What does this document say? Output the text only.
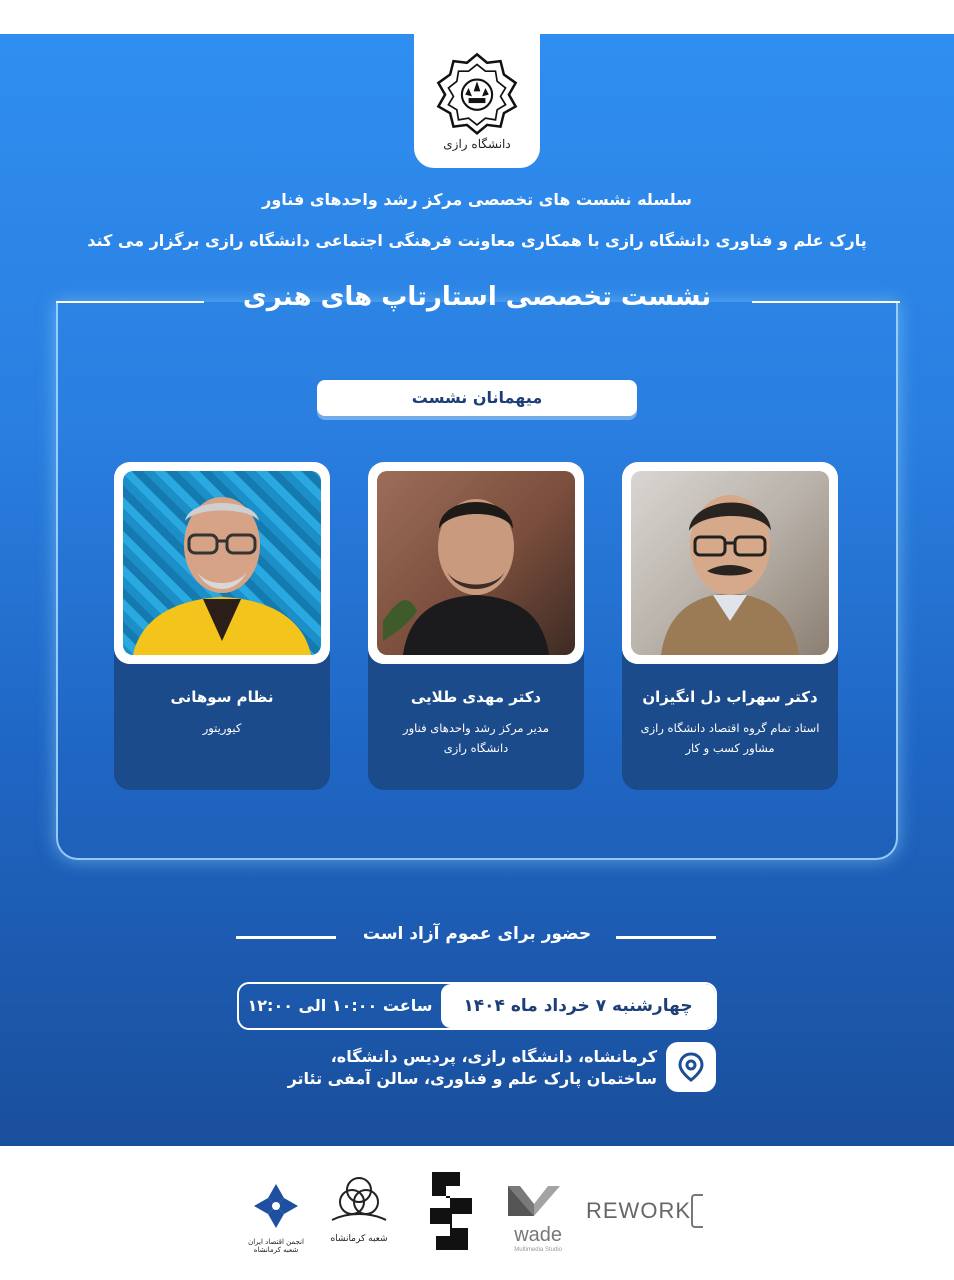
دانشگاه رازی
سلسله نشست های تخصصی مرکز رشد واحدهای فناور
پارک علم و فناوری دانشگاه رازی با همکاری معاونت فرهنگی اجتماعی دانشگاه رازی برگزار می کند
نشست تخصصی استارتاپ های هنری
میهمانان نشست
دکتر سهراب دل انگیزان
استاد تمام گروه اقتصاد دانشگاه رازی
مشاور کسب و کار
دکتر مهدی طلایی
مدیر مرکز رشد واحدهای فناور
دانشگاه رازی
نظام سوهانی
کیوریتور
حضور برای عموم آزاد است
چهارشنبه ۷ خرداد ماه ۱۴۰۴
ساعت ۱۰:۰۰ الی ۱۲:۰۰
کرمانشاه، دانشگاه رازی، پردیس دانشگاه،
ساختمان پارک علم و فناوری، سالن آمفی تئاتر
انجمن اقتصاد ایران شعبه کرمانشاه
شعبه کرمانشاه	wade
Multimedia Studio
REWORK
